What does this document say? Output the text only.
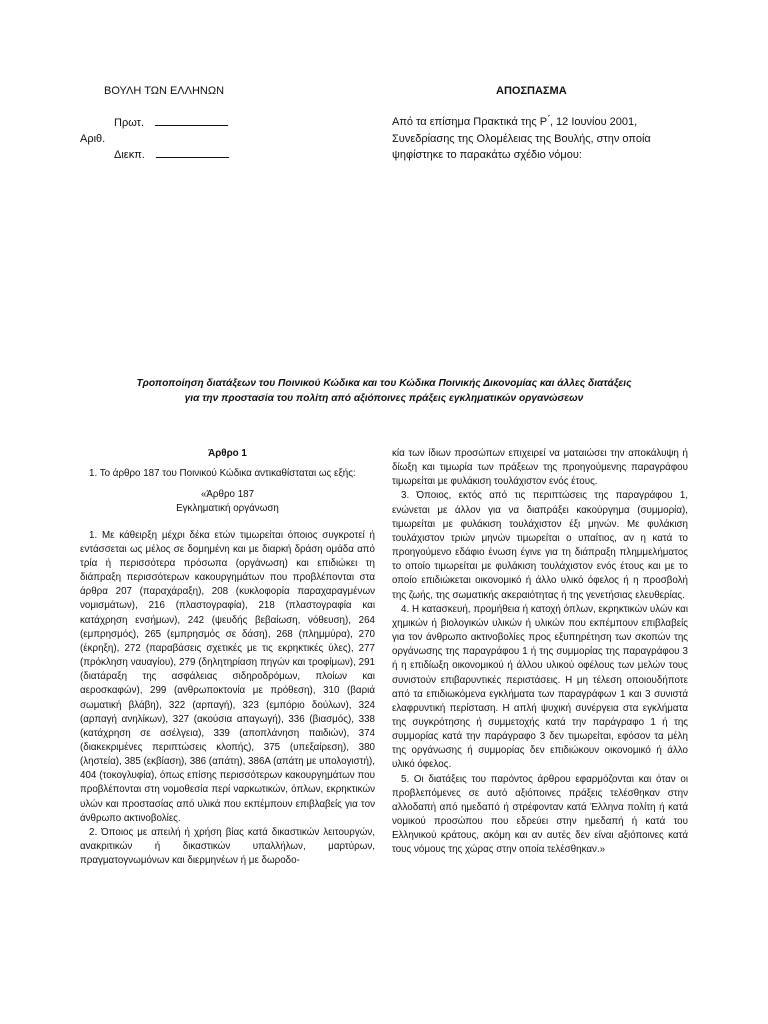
ΒΟΥΛΗ ΤΩΝ ΕΛΛΗΝΩΝ
Πρωτ.
Αριθ.
Διεκπ.
ΑΠΟΣΠΑΣΜΑ
Από τα επίσημα Πρακτικά της Ρ ́, 12 Ιουνίου 2001,
Συνεδρίασης της Ολομέλειας της Βουλής, στην οποία
ψηφίστηκε το παρακάτω σχέδιο νόμου:
Τροποποίηση διατάξεων του Ποινικού Κώδικα και του Κώδικα Ποινικής Δικονομίας και άλλες διατάξεις
για την προστασία του πολίτη από αξιόποινες πράξεις εγκληματικών οργανώσεων

Άρθρο 1

1. Το άρθρο 187 του Ποινικού Κώδικα αντικαθίσταται ως εξής:

«Άρθρο 187

Εγκληματική οργάνωση

1. Με κάθειρξη μέχρι δέκα ετών τιμωρείται όποιος συγκροτεί ή εντάσσεται ως μέλος σε δομημένη και με διαρκή δράση ομάδα από τρία ή περισσότερα πρόσωπα (οργάνωση) και επιδιώκει τη διάπραξη περισσότερων κακουργημάτων που προβλέπονται στα άρθρα 207 (παραχάραξη), 208 (κυκλοφορία παραχαραγμένων νομισμάτων), 216 (πλαστογραφία), 218 (πλαστογραφία και κατάχρηση ενσήμων), 242 (ψευδής βεβαίωση, νόθευση), 264 (εμπρησμός), 265 (εμπρησμός σε δάση), 268 (πλημμύρα), 270 (έκρηξη), 272 (παραβάσεις σχετικές με τις εκρηκτικές ύλες), 277 (πρόκληση ναυαγίου), 279 (δηλητηρίαση πηγών και τροφίμων), 291 (διατάραξη της ασφάλειας σιδηροδρόμων, πλοίων και αεροσκαφών), 299 (ανθρωποκτονία με πρόθεση), 310 (βαριά σωματική βλάβη), 322 (αρπαγή), 323 (εμπόριο δούλων), 324 (αρπαγή ανηλίκων), 327 (ακούσια απαγωγή), 336 (βιασμός), 338 (κατάχρηση σε ασέλγεια), 339 (αποπλάνηση παιδιών), 374 (διακεκριμένες περιπτώσεις κλοπής), 375 (υπεξαίρεση), 380 (ληστεία), 385 (εκβίαση), 386 (απάτη), 386Α (απάτη με υπολογιστή), 404 (τοκογλυφία), όπως επίσης περισσότερων κακουργημάτων που προβλέπονται στη νομοθεσία περί ναρκωτικών, όπλων, εκρηκτικών υλών και προστασίας από υλικά που εκπέμπουν επιβλαβείς για τον άνθρωπο ακτινοβολίες.

2. Όποιος με απειλή ή χρήση βίας κατά δικαστικών λειτουργών, ανακριτικών ή δικαστικών υπαλλήλων, μαρτύρων, πραγματογνωμόνων και διερμηνέων ή με δωροδο-

κία των ίδιων προσώπων επιχειρεί να ματαιώσει την αποκάλυψη ή δίωξη και τιμωρία των πράξεων της προηγούμενης παραγράφου τιμωρείται με φυλάκιση τουλάχιστον ενός έτους.

3. Όποιος, εκτός από τις περιπτώσεις της παραγράφου 1, ενώνεται με άλλον για να διαπράξει κακούργημα (συμμορία), τιμωρείται με φυλάκιση τουλάχιστον έξι μηνών. Με φυλάκιση τουλάχιστον τριών μηνών τιμωρείται ο υπαίτιος, αν η κατά το προηγούμενο εδάφιο ένωση έγινε για τη διάπραξη πλημμελήματος το οποίο τιμωρείται με φυλάκιση τουλάχιστον ενός έτους και με το οποίο επιδιώκεται οικονομικό ή άλλο υλικό όφελος ή η προσβολή της ζωής, της σωματικής ακεραιότητας ή της γενετήσιας ελευθερίας.

4. Η κατασκευή, προμήθεια ή κατοχή όπλων, εκρηκτικών υλών και χημικών ή βιολογικών υλικών ή υλικών που εκπέμπουν επιβλαβείς για τον άνθρωπο ακτινοβολίες προς εξυπηρέτηση των σκοπών της οργάνωσης της παραγράφου 1 ή της συμμορίας της παραγράφου 3 ή η επιδίωξη οικονομικού ή άλλου υλικού οφέλους των μελών τους συνιστούν επιβαρυντικές περιστάσεις. Η μη τέλεση οποιουδήποτε από τα επιδιωκόμενα εγκλήματα των παραγράφων 1 και 3 συνιστά ελαφρυντική περίσταση. Η απλή ψυχική συνέργεια στα εγκλήματα της συγκρότησης ή συμμετοχής κατά την παράγραφο 1 ή της συμμορίας κατά την παράγραφο 3 δεν τιμωρείται, εφόσον τα μέλη της οργάνωσης ή συμμορίας δεν επιδιώκουν οικονομικό ή άλλο υλικό όφελος.

5. Οι διατάξεις του παρόντος άρθρου εφαρμόζονται και όταν οι προβλεπόμενες σε αυτό αξιόποινες πράξεις τελέσθηκαν στην αλλοδαπή από ημεδαπό ή στρέφονταν κατά Έλληνα πολίτη ή κατά νομικού προσώπου που εδρεύει στην ημεδαπή ή κατά του Ελληνικού κράτους, ακόμη και αν αυτές δεν είναι αξιόποινες κατά τους νόμους της χώρας στην οποία τελέσθηκαν.»
